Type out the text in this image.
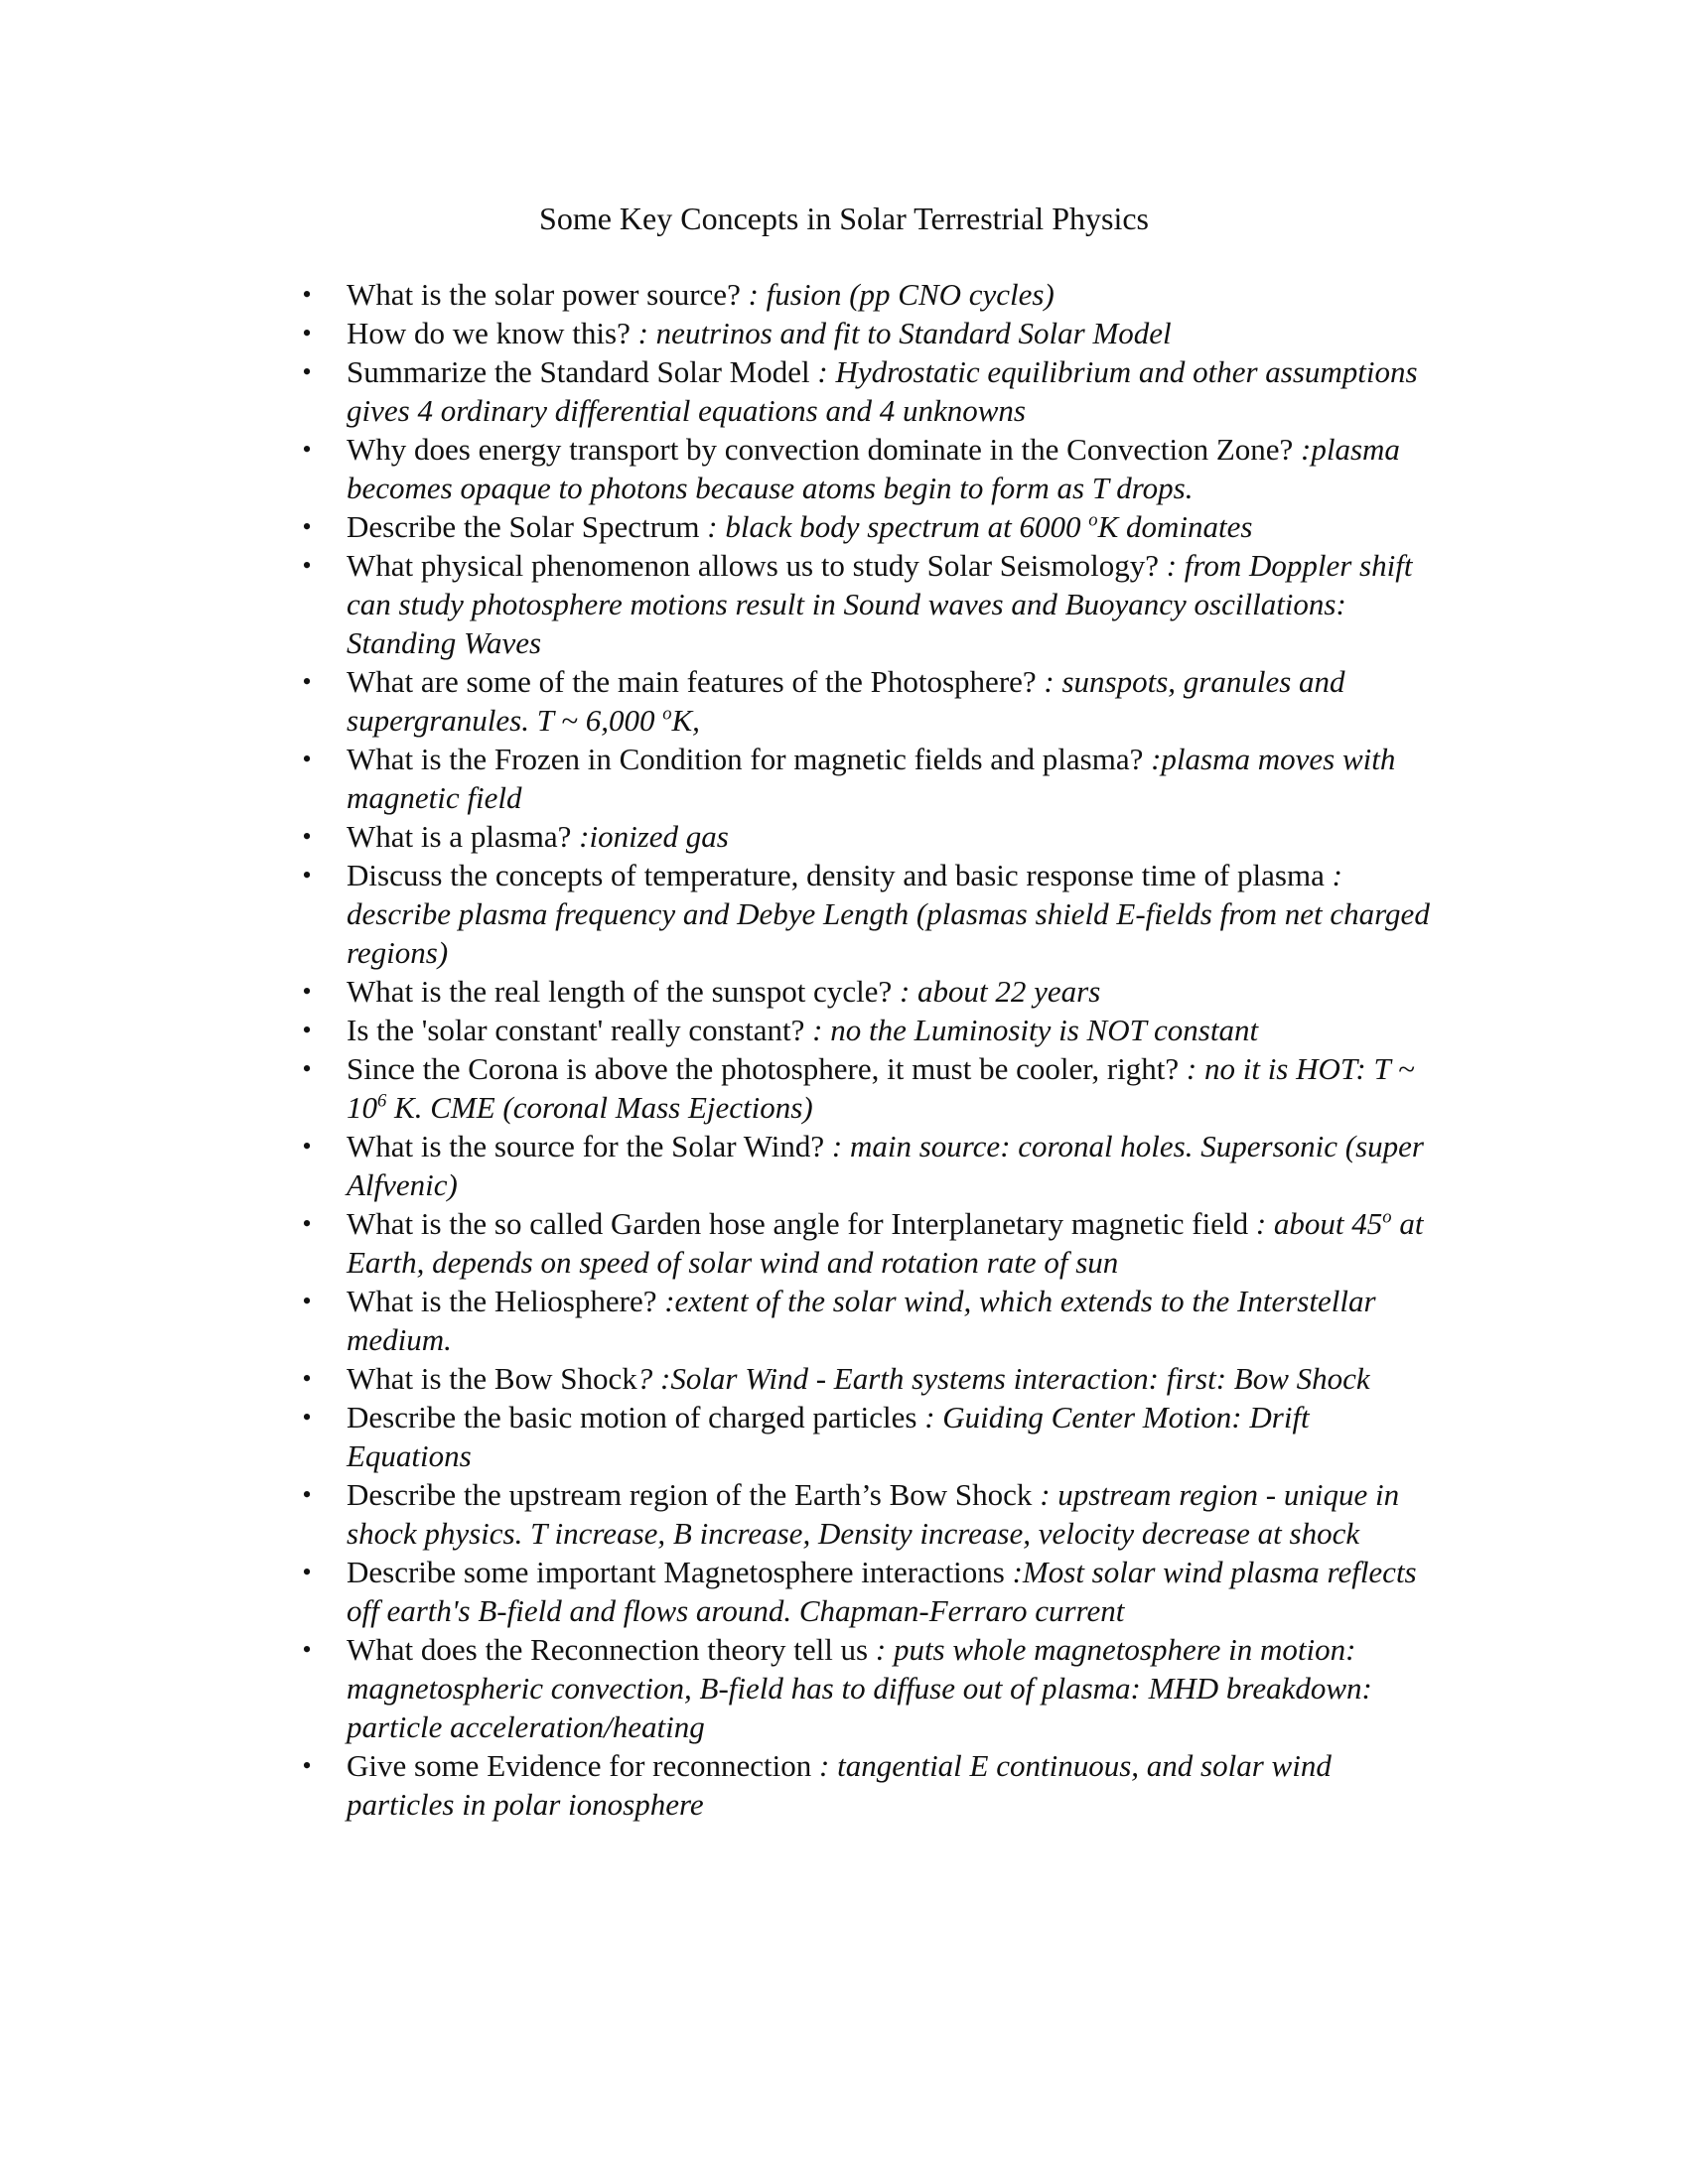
Some Key Concepts in Solar Terrestrial Physics
• What is the solar power source? : fusion (pp CNO cycles)
• How do we know this? : neutrinos and fit to Standard Solar Model
• Summarize the Standard Solar Model : Hydrostatic equilibrium and other assumptions gives 4 ordinary differential equations and 4 unknowns
• Why does energy transport by convection dominate in the Convection Zone? :plasma becomes opaque to photons because atoms begin to form as T drops.
• Describe the Solar Spectrum : black body spectrum at 6000 $^o$K dominates
• What physical phenomenon allows us to study Solar Seismology? : from Doppler shift can study photosphere motions result in Sound waves and Buoyancy oscillations: Standing Waves
• What are some of the main features of the Photosphere? : sunspots, granules and supergranules. T ~ 6,000 $^o$K,
• What is the Frozen in Condition for magnetic fields and plasma? :plasma moves with magnetic field
• What is a plasma? :ionized gas
• Discuss the concepts of temperature, density and basic response time of plasma : describe plasma frequency and Debye Length (plasmas shield E-fields from net charged regions)
• What is the real length of the sunspot cycle? : about 22 years
• Is the 'solar constant' really constant? : no the Luminosity is NOT constant
• Since the Corona is above the photosphere, it must be cooler, right? : no it is HOT: T ~ $10^6$ K. CME (coronal Mass Ejections)
• What is the source for the Solar Wind? : main source: coronal holes. Supersonic (super Alfvenic)
• What is the so called Garden hose angle for Interplanetary magnetic field : about 45$^o$ at Earth, depends on speed of solar wind and rotation rate of sun
• What is the Heliosphere? :extent of the solar wind, which extends to the Interstellar medium.
• What is the Bow Shock? :Solar Wind - Earth systems interaction: first: Bow Shock
• Describe the basic motion of charged particles : Guiding Center Motion: Drift Equations
• Describe the upstream region of the Earth’s Bow Shock : upstream region - unique in shock physics. T increase, B increase, Density increase, velocity decrease at shock
• Describe some important Magnetosphere interactions :Most solar wind plasma reflects off earth's B-field and flows around. Chapman-Ferraro current
• What does the Reconnection theory tell us : puts whole magnetosphere in motion: magnetospheric convection, B-field has to diffuse out of plasma: MHD breakdown: particle acceleration/heating
• Give some Evidence for reconnection : tangential E continuous, and solar wind particles in polar ionosphere
